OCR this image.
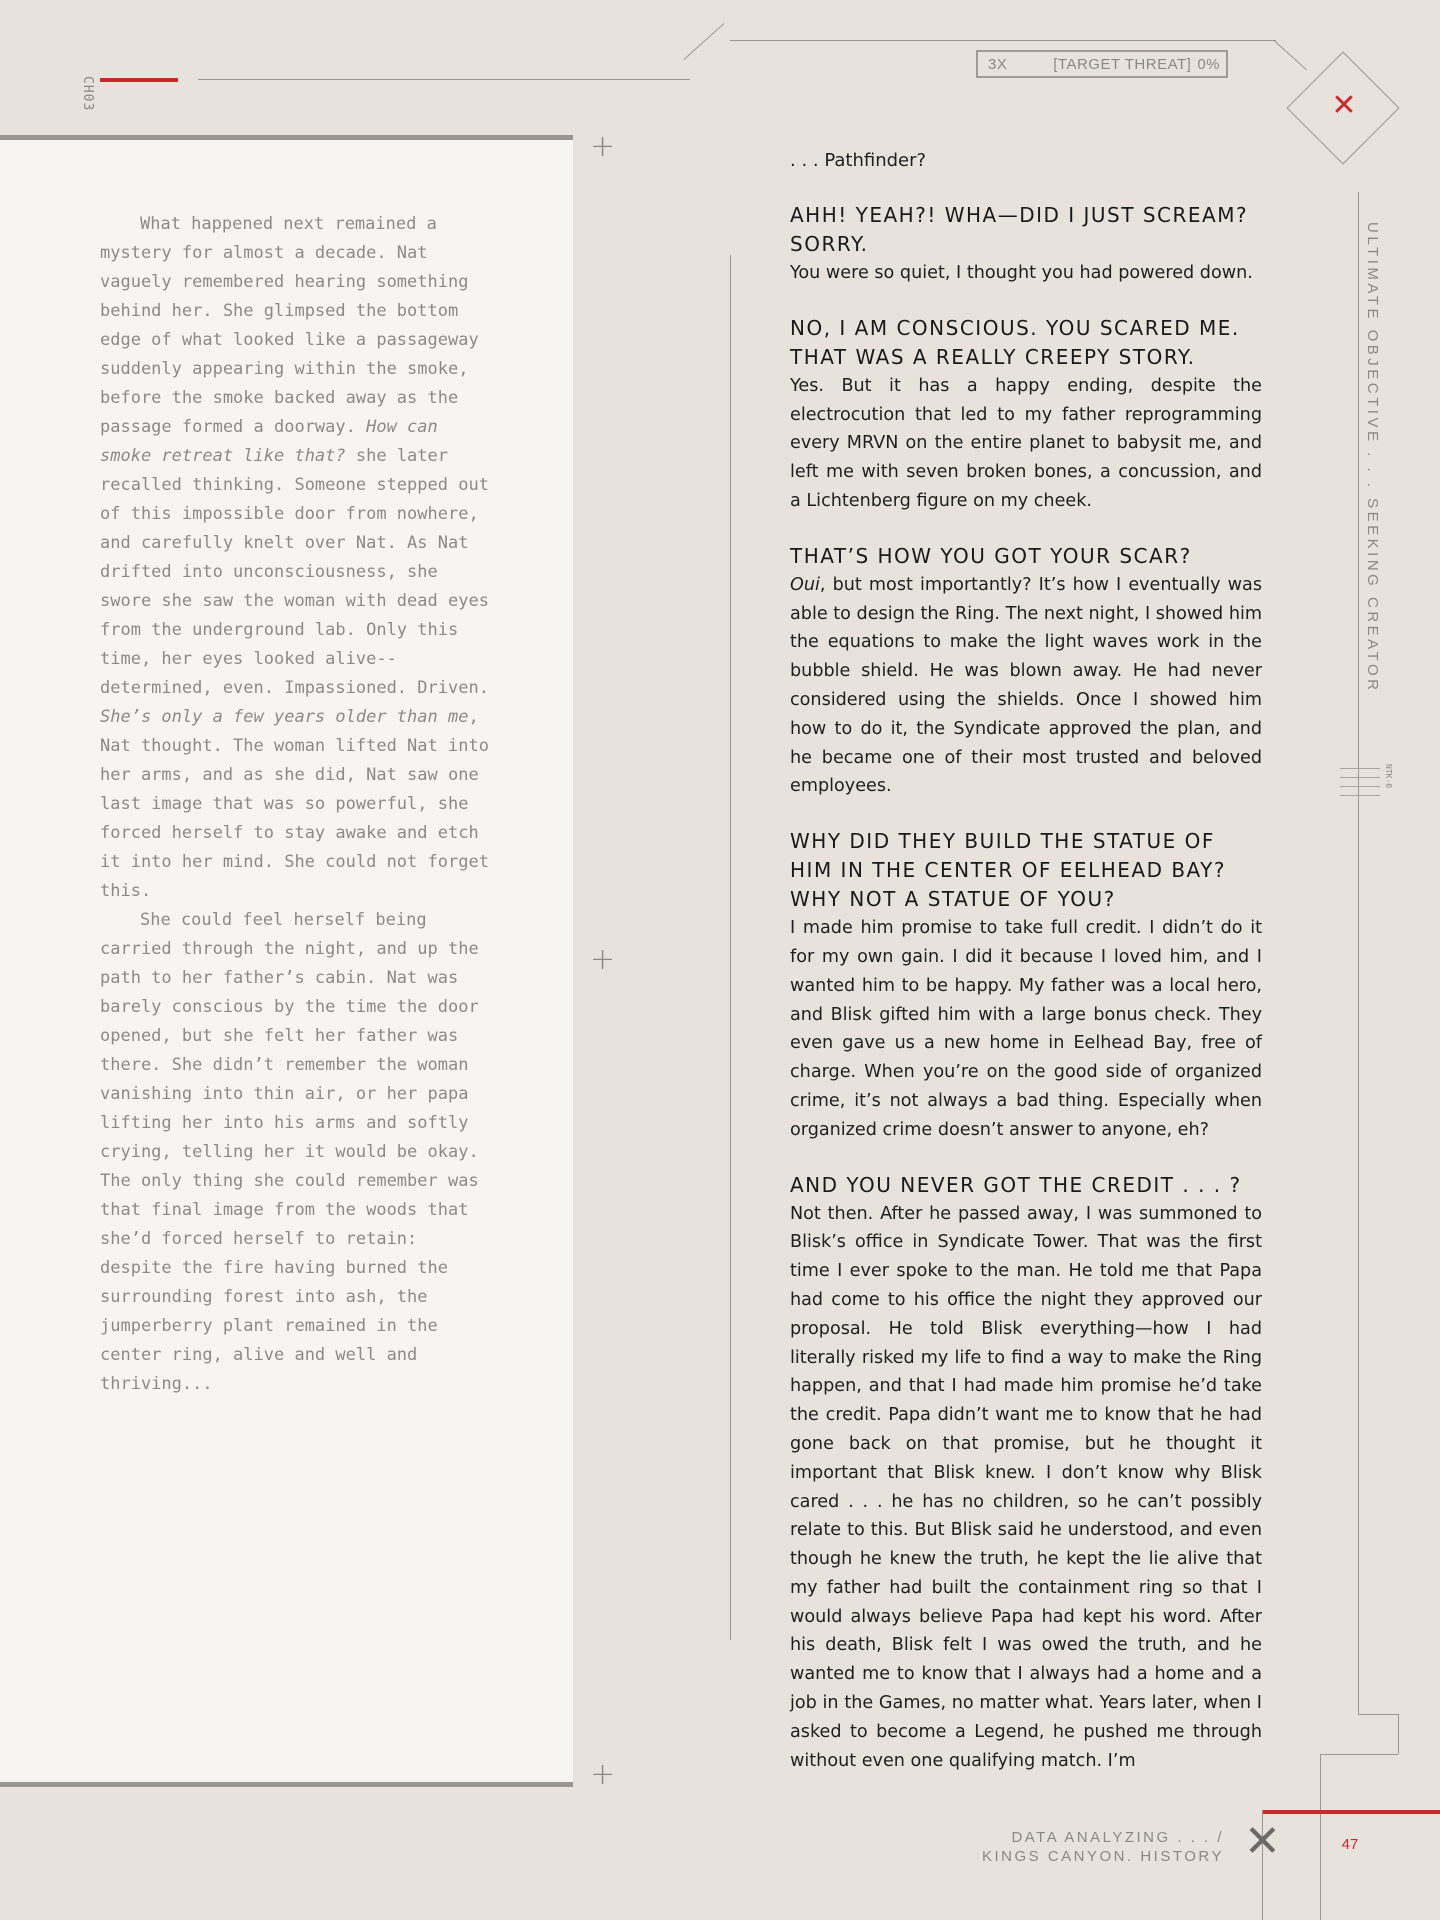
CH03
3X	[TARGET THREAT] 0%
✕
ULTIMATE OBJECTIVE . . . SEEKING CREATOR
NTK-0

What happened next remained a mystery for almost a decade. Nat vaguely remembered hearing something behind her. She glimpsed the bottom edge of what looked like a passageway suddenly appearing within the smoke, before the smoke backed away as the passage formed a doorway. How can smoke retreat like that? she later recalled thinking. Someone stepped out of this impossible door from nowhere, and carefully knelt over Nat. As Nat drifted into unconsciousness, she swore she saw the woman with dead eyes from the underground lab. Only this time, her eyes looked alive--determined, even. Impassioned. Driven. She’s only a few years older than me, Nat thought. The woman lifted Nat into her arms, and as she did, Nat saw one last image that was so powerful, she forced herself to stay awake and etch it into her mind. She could not forget this.

She could feel herself being carried through the night, and up the path to her father’s cabin. Nat was barely conscious by the time the door opened, but she felt her father was there. She didn’t remember the woman vanishing into thin air, or her papa lifting her into his arms and softly crying, telling her it would be okay. The only thing she could remember was that final image from the woods that she’d forced herself to retain: despite the fire having burned the surrounding forest into ash, the jumperberry plant remained in the center ring, alive and well and thriving...

+
+
+

. . . Pathfinder?

AHH! YEAH?! WHA—DID I JUST SCREAM? SORRY.

You were so quiet, I thought you had powered down.

NO, I AM CONSCIOUS. YOU SCARED ME. THAT WAS A REALLY CREEPY STORY.

Yes. But it has a happy ending, despite the electrocution that led to my father reprogramming every MRVN on the entire planet to babysit me, and left me with seven broken bones, a concussion, and a Lichtenberg figure on my cheek.

THAT’S HOW YOU GOT YOUR SCAR?

Oui, but most importantly? It’s how I eventually was able to design the Ring. The next night, I showed him the equations to make the light waves work in the bubble shield. He was blown away. He had never considered using the shields. Once I showed him how to do it, the Syndicate approved the plan, and he became one of their most trusted and beloved employees.

WHY DID THEY BUILD THE STATUE OF HIM IN THE CENTER OF EELHEAD BAY? WHY NOT A STATUE OF YOU?

I made him promise to take full credit. I didn’t do it for my own gain. I did it because I loved him, and I wanted him to be happy. My father was a local hero, and Blisk gifted him with a large bonus check. They even gave us a new home in Eelhead Bay, free of charge. When you’re on the good side of organized crime, it’s not always a bad thing. Especially when organized crime doesn’t answer to anyone, eh?

AND YOU NEVER GOT THE CREDIT . . . ?

Not then. After he passed away, I was summoned to Blisk’s office in Syndicate Tower. That was the first time I ever spoke to the man. He told me that Papa had come to his office the night they approved our proposal. He told Blisk everything—how I had literally risked my life to find a way to make the Ring happen, and that I had made him promise he’d take the credit. Papa didn’t want me to know that he had gone back on that promise, but he thought it important that Blisk knew. I don’t know why Blisk cared . . . he has no children, so he can’t possibly relate to this. But Blisk said he understood, and even though he knew the truth, he kept the lie alive that my father had built the containment ring so that I would always believe Papa had kept his word. After his death, Blisk felt I was owed the truth, and he wanted me to know that I always had a home and a job in the Games, no matter what. Years later, when I asked to become a Legend, he pushed me through without even one qualifying match. I’m

DATA ANALYZING . . . /
KINGS CANYON. HISTORY ✕	47
